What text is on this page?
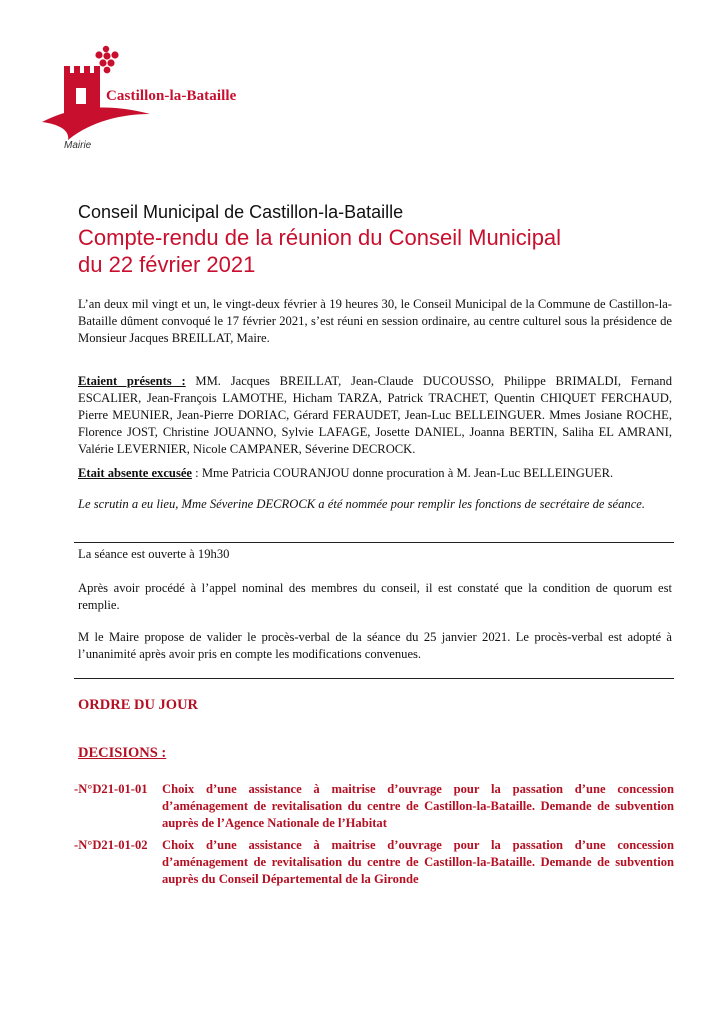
Castillon-la-Bataille
Mairie
Conseil Municipal de Castillon-la-Bataille
Compte-rendu de la réunion du Conseil Municipal
du 22 février 2021
L’an deux mil vingt et un, le vingt-deux février à 19 heures 30, le Conseil Municipal de la Commune de Castillon-la-Bataille dûment convoqué le 17 février 2021, s’est réuni en session ordinaire, au centre culturel sous la présidence de Monsieur Jacques BREILLAT, Maire.
Etaient présents : MM. Jacques BREILLAT, Jean-Claude DUCOUSSO, Philippe BRIMALDI, Fernand ESCALIER, Jean-François LAMOTHE, Hicham TARZA, Patrick TRACHET, Quentin CHIQUET FERCHAUD, Pierre MEUNIER, Jean-Pierre DORIAC, Gérard FERAUDET, Jean-Luc BELLEINGUER. Mmes Josiane ROCHE, Florence JOST, Christine JOUANNO, Sylvie LAFAGE, Josette DANIEL, Joanna BERTIN, Saliha EL AMRANI, Valérie LEVERNIER, Nicole CAMPANER, Séverine DECROCK.
Etait absente excusée : Mme Patricia COURANJOU donne procuration à M. Jean-Luc BELLEINGUER.
Le scrutin a eu lieu, Mme Séverine DECROCK a été nommée pour remplir les fonctions de secrétaire de séance.
La séance est ouverte à 19h30
Après avoir procédé à l’appel nominal des membres du conseil, il est constaté que la condition de quorum est remplie.
M le Maire propose de valider le procès-verbal de la séance du 25 janvier 2021. Le procès-verbal est adopté à l’unanimité après avoir pris en compte les modifications convenues.
ORDRE DU JOUR
DECISIONS :
-N°D21-01-01 Choix d’une assistance à maitrise d’ouvrage pour la passation d’une concession d’aménagement de revitalisation du centre de Castillon-la-Bataille. Demande de subvention auprès de l’Agence Nationale de l’Habitat
-N°D21-01-02 Choix d’une assistance à maitrise d’ouvrage pour la passation d’une concession d’aménagement de revitalisation du centre de Castillon-la-Bataille. Demande de subvention auprès du Conseil Départemental de la Gironde
